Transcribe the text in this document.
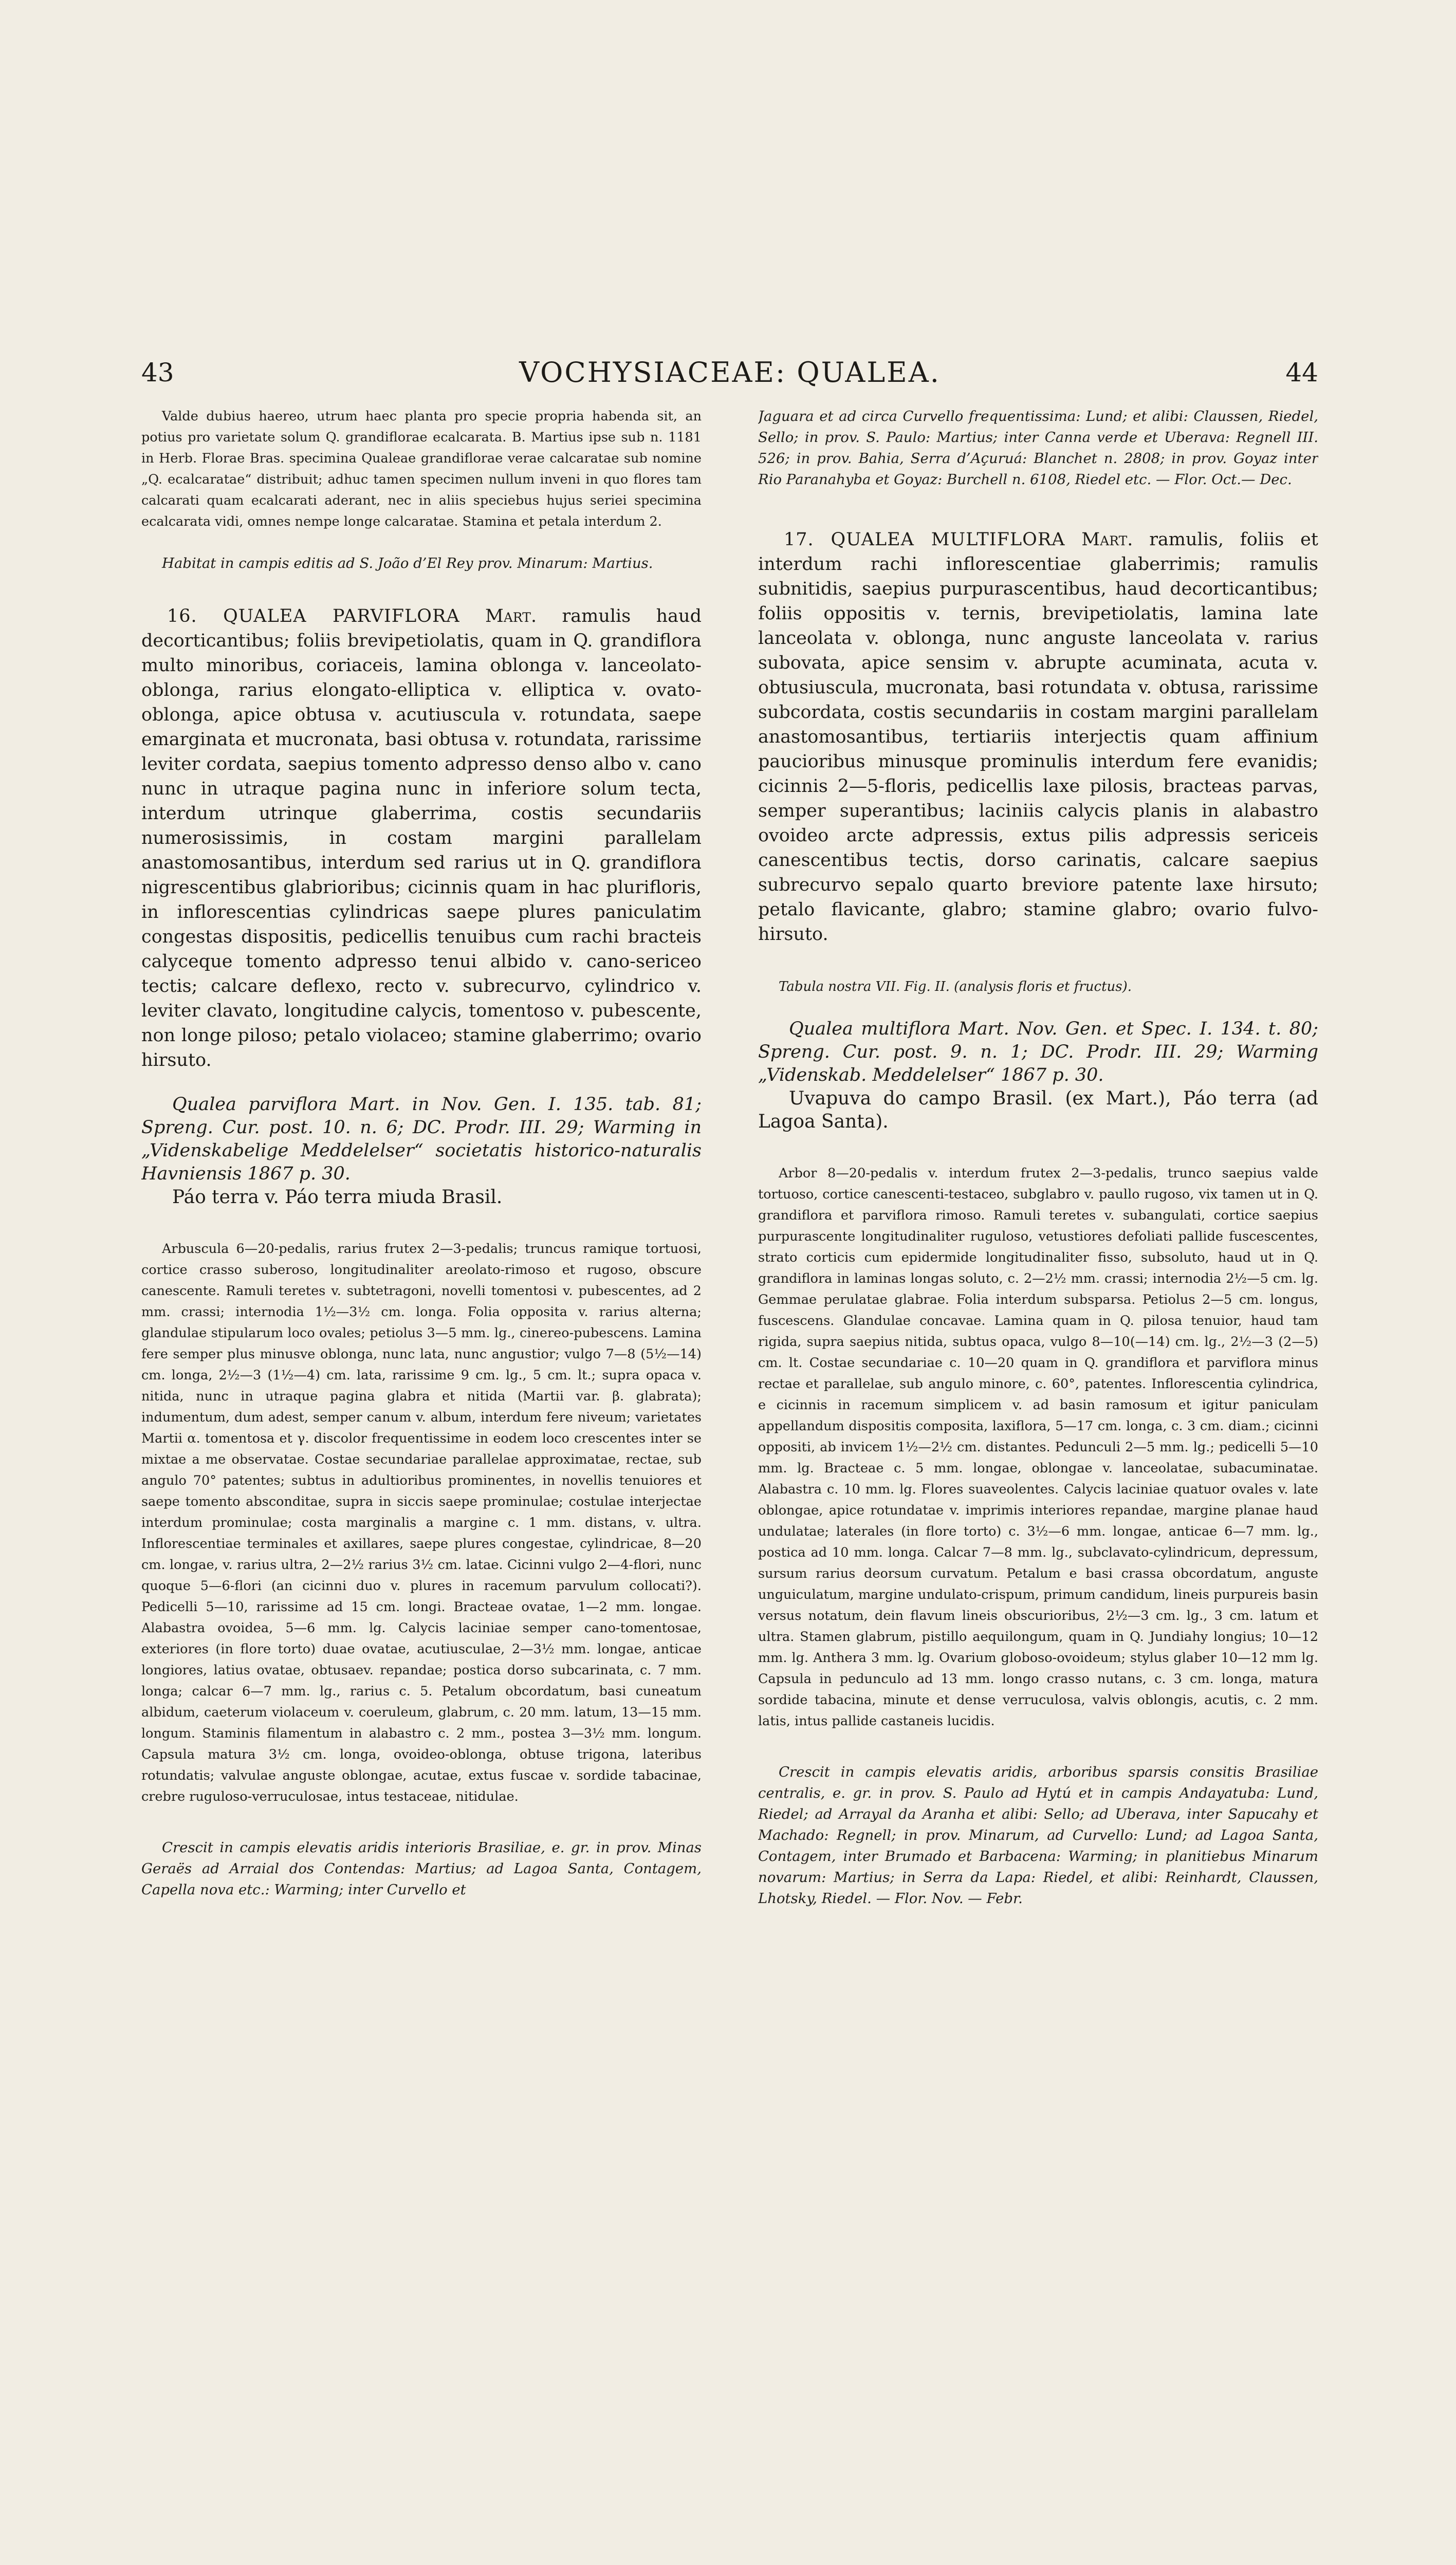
43	VOCHYSIACEAE: QUALEA.	44

Valde dubius haereo, utrum haec planta pro specie propria habenda sit, an potius pro varietate solum Q. grandiflorae ecalcarata. B. Martius ipse sub n. 1181 in Herb. Florae Bras. specimina Qualeae grandiflorae verae calcaratae sub nomine „Q. ecalcaratae“ distribuit; adhuc tamen specimen nullum inveni in quo flores tam calcarati quam ecalcarati aderant, nec in aliis speciebus hujus seriei specimina ecalcarata vidi, omnes nempe longe calcaratae. Stamina et petala interdum 2.

Habitat in campis editis ad S. João d’El Rey prov. Minarum: Martius.

16. QUALEA PARVIFLORA Mart. ramulis haud decorticantibus; foliis brevipetiolatis, quam in Q. grandiflora multo minoribus, coriaceis, lamina oblonga v. lanceolato-oblonga, rarius elongato-elliptica v. elliptica v. ovato-oblonga, apice obtusa v. acutiuscula v. rotundata, saepe emarginata et mucronata, basi obtusa v. rotundata, rarissime leviter cordata, saepius tomento adpresso denso albo v. cano nunc in utraque pagina nunc in inferiore solum tecta, interdum utrinque glaberrima, costis secundariis numerosissimis, in costam margini parallelam anastomosantibus, interdum sed rarius ut in Q. grandiflora nigrescentibus glabrioribus; cicinnis quam in hac plurifloris, in inflorescentias cylindricas saepe plures paniculatim congestas dispositis, pedicellis tenuibus cum rachi bracteis calyceque tomento adpresso tenui albido v. cano-sericeo tectis; calcare deflexo, recto v. subrecurvo, cylindrico v. leviter clavato, longitudine calycis, tomentoso v. pubescente, non longe piloso; petalo violaceo; stamine glaberrimo; ovario hirsuto.

Qualea parviflora Mart. in Nov. Gen. I. 135. tab. 81; Spreng. Cur. post. 10. n. 6; DC. Prodr. III. 29; Warming in „Videnskabelige Meddelelser“ societatis historico-naturalis Havniensis 1867 p. 30.

Páo terra v. Páo terra miuda Brasil.

Arbuscula 6—20-pedalis, rarius frutex 2—3-pedalis; truncus ramique tortuosi, cortice crasso suberoso, longitudinaliter areolato-rimoso et rugoso, obscure canescente. Ramuli teretes v. subtetragoni, novelli tomentosi v. pubescentes, ad 2 mm. crassi; internodia 1½—3½ cm. longa. Folia opposita v. rarius alterna; glandulae stipularum loco ovales; petiolus 3—5 mm. lg., cinereo-pubescens. Lamina fere semper plus minusve oblonga, nunc lata, nunc angustior; vulgo 7—8 (5½—14) cm. longa, 2½—3 (1½—4) cm. lata, rarissime 9 cm. lg., 5 cm. lt.; supra opaca v. nitida, nunc in utraque pagina glabra et nitida (Martii var. β. glabrata); indumentum, dum adest, semper canum v. album, interdum fere niveum; varietates Martii α. tomentosa et γ. discolor frequentissime in eodem loco crescentes inter se mixtae a me observatae. Costae secundariae parallelae approximatae, rectae, sub angulo 70° patentes; subtus in adultioribus prominentes, in novellis tenuiores et saepe tomento absconditae, supra in siccis saepe prominulae; costulae interjectae interdum prominulae; costa marginalis a margine c. 1 mm. distans, v. ultra. Inflorescentiae terminales et axillares, saepe plures congestae, cylindricae, 8—20 cm. longae, v. rarius ultra, 2—2½ rarius 3½ cm. latae. Cicinni vulgo 2—4-flori, nunc quoque 5—6-flori (an cicinni duo v. plures in racemum parvulum collocati?). Pedicelli 5—10, rarissime ad 15 cm. longi. Bracteae ovatae, 1—2 mm. longae. Alabastra ovoidea, 5—6 mm. lg. Calycis laciniae semper cano-tomentosae, exteriores (in flore torto) duae ovatae, acutiusculae, 2—3½ mm. longae, anticae longiores, latius ovatae, obtusaev. repandae; postica dorso subcarinata, c. 7 mm. longa; calcar 6—7 mm. lg., rarius c. 5. Petalum obcordatum, basi cuneatum albidum, caeterum violaceum v. coeruleum, glabrum, c. 20 mm. latum, 13—15 mm. longum. Staminis filamentum in alabastro c. 2 mm., postea 3—3½ mm. longum. Capsula matura 3½ cm. longa, ovoideo-oblonga, obtuse trigona, lateribus rotundatis; valvulae anguste oblongae, acutae, extus fuscae v. sordide tabacinae, crebre ruguloso-verruculosae, intus testaceae, nitidulae.

Crescit in campis elevatis aridis interioris Brasiliae, e. gr. in prov. Minas Geraës ad Arraial dos Contendas: Martius; ad Lagoa Santa, Contagem, Capella nova etc.: Warming; inter Curvello et

Jaguara et ad circa Curvello frequentissima: Lund; et alibi: Claussen, Riedel, Sello; in prov. S. Paulo: Martius; inter Canna verde et Uberava: Regnell III. 526; in prov. Bahia, Serra d’Açuruá: Blanchet n. 2808; in prov. Goyaz inter Rio Paranahyba et Goyaz: Burchell n. 6108, Riedel etc. — Flor. Oct.— Dec.

17. QUALEA MULTIFLORA Mart. ramulis, foliis et interdum rachi inflorescentiae glaberrimis; ramulis subnitidis, saepius purpurascentibus, haud decorticantibus; foliis oppositis v. ternis, brevipetiolatis, lamina late lanceolata v. oblonga, nunc anguste lanceolata v. rarius subovata, apice sensim v. abrupte acuminata, acuta v. obtusiuscula, mucronata, basi rotundata v. obtusa, rarissime subcordata, costis secundariis in costam margini parallelam anastomosantibus, tertiariis interjectis quam affinium paucioribus minusque prominulis interdum fere evanidis; cicinnis 2—5-floris, pedicellis laxe pilosis, bracteas parvas, semper superantibus; laciniis calycis planis in alabastro ovoideo arcte adpressis, extus pilis adpressis sericeis canescentibus tectis, dorso carinatis, calcare saepius subrecurvo sepalo quarto breviore patente laxe hirsuto; petalo flavicante, glabro; stamine glabro; ovario fulvo-hirsuto.

Tabula nostra VII. Fig. II. (analysis floris et fructus).

Qualea multiflora Mart. Nov. Gen. et Spec. I. 134. t. 80; Spreng. Cur. post. 9. n. 1; DC. Prodr. III. 29; Warming „Videnskab. Meddelelser“ 1867 p. 30.

Uvapuva do campo Brasil. (ex Mart.), Páo terra (ad Lagoa Santa).

Arbor 8—20-pedalis v. interdum frutex 2—3-pedalis, trunco saepius valde tortuoso, cortice canescenti-testaceo, subglabro v. paullo rugoso, vix tamen ut in Q. grandiflora et parviflora rimoso. Ramuli teretes v. subangulati, cortice saepius purpurascente longitudinaliter ruguloso, vetustiores defoliati pallide fuscescentes, strato corticis cum epidermide longitudinaliter fisso, subsoluto, haud ut in Q. grandiflora in laminas longas soluto, c. 2—2½ mm. crassi; internodia 2½—5 cm. lg. Gemmae perulatae glabrae. Folia interdum subsparsa. Petiolus 2—5 cm. longus, fuscescens. Glandulae concavae. Lamina quam in Q. pilosa tenuior, haud tam rigida, supra saepius nitida, subtus opaca, vulgo 8—10(—14) cm. lg., 2½—3 (2—5) cm. lt. Costae secundariae c. 10—20 quam in Q. grandiflora et parviflora minus rectae et parallelae, sub angulo minore, c. 60°, patentes. Inflorescentia cylindrica, e cicinnis in racemum simplicem v. ad basin ramosum et igitur paniculam appellandum dispositis composita, laxiflora, 5—17 cm. longa, c. 3 cm. diam.; cicinni oppositi, ab invicem 1½—2½ cm. distantes. Pedunculi 2—5 mm. lg.; pedicelli 5—10 mm. lg. Bracteae c. 5 mm. longae, oblongae v. lanceolatae, subacuminatae. Alabastra c. 10 mm. lg. Flores suaveolentes. Calycis laciniae quatuor ovales v. late oblongae, apice rotundatae v. imprimis interiores repandae, margine planae haud undulatae; laterales (in flore torto) c. 3½—6 mm. longae, anticae 6—7 mm. lg., postica ad 10 mm. longa. Calcar 7—8 mm. lg., subclavato-cylindricum, depressum, sursum rarius deorsum curvatum. Petalum e basi crassa obcordatum, anguste unguiculatum, margine undulato-crispum, primum candidum, lineis purpureis basin versus notatum, dein flavum lineis obscurioribus, 2½—3 cm. lg., 3 cm. latum et ultra. Stamen glabrum, pistillo aequilongum, quam in Q. Jundiahy longius; 10—12 mm. lg. Anthera 3 mm. lg. Ovarium globoso-ovoideum; stylus glaber 10—12 mm lg. Capsula in pedunculo ad 13 mm. longo crasso nutans, c. 3 cm. longa, matura sordide tabacina, minute et dense verruculosa, valvis oblongis, acutis, c. 2 mm. latis, intus pallide castaneis lucidis.

Crescit in campis elevatis aridis, arboribus sparsis consitis Brasiliae centralis, e. gr. in prov. S. Paulo ad Hytú et in campis Andayatuba: Lund, Riedel; ad Arrayal da Aranha et alibi: Sello; ad Uberava, inter Sapucahy et Machado: Regnell; in prov. Minarum, ad Curvello: Lund; ad Lagoa Santa, Contagem, inter Brumado et Barbacena: Warming; in planitiebus Minarum novarum: Martius; in Serra da Lapa: Riedel, et alibi: Reinhardt, Claussen, Lhotsky, Riedel. — Flor. Nov. — Febr.
